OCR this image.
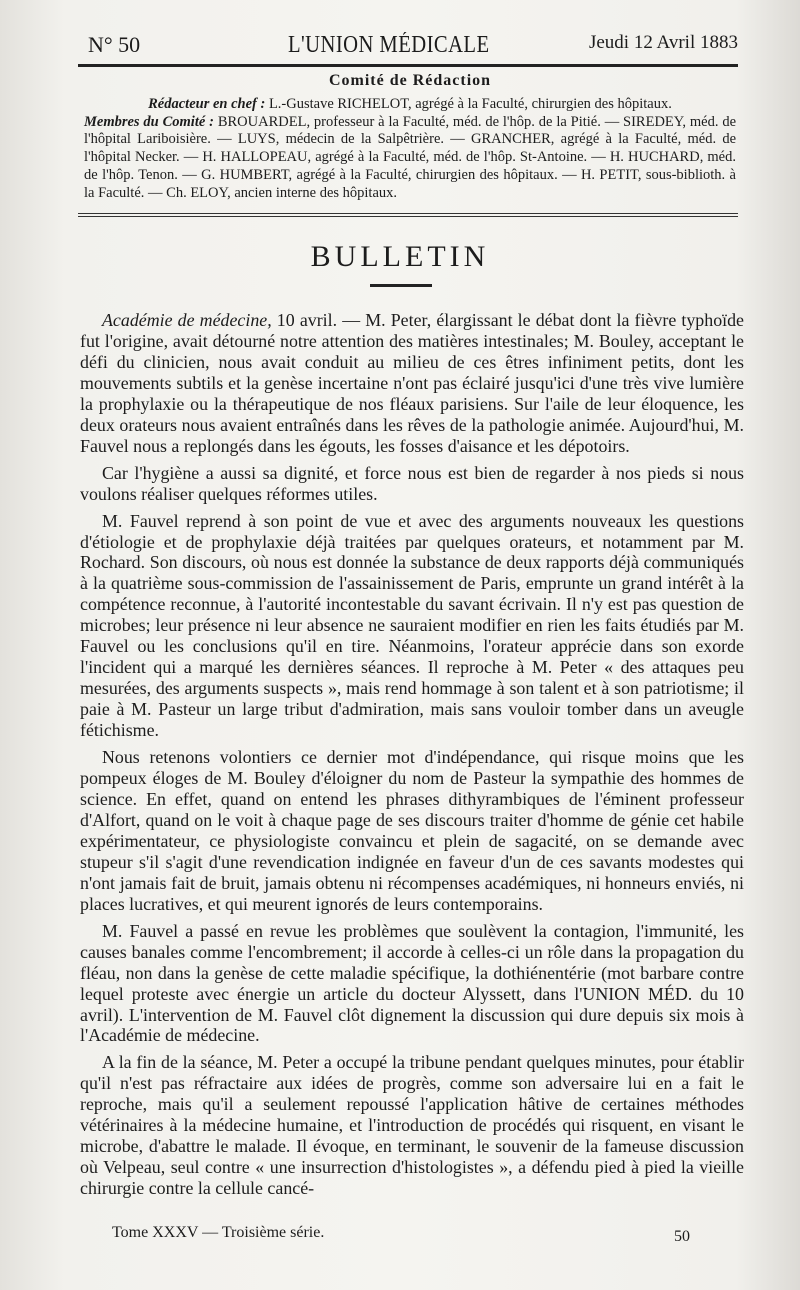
N° 50	L'UNION MÉDICALE	Jeudi 12 Avril 1883
Comité de Rédaction

Rédacteur en chef : L.-Gustave RICHELOT, agrégé à la Faculté, chirurgien des hôpitaux.

Membres du Comité : BROUARDEL, professeur à la Faculté, méd. de l'hôp. de la Pitié. — SIREDEY, méd. de l'hôpital Lariboisière. — LUYS, médecin de la Salpêtrière. — GRANCHER, agrégé à la Faculté, méd. de l'hôpital Necker. — H. HALLOPEAU, agrégé à la Faculté, méd. de l'hôp. St-Antoine. — H. HUCHARD, méd. de l'hôp. Tenon. — G. HUMBERT, agrégé à la Faculté, chirurgien des hôpitaux. — H. PETIT, sous-biblioth. à la Faculté. — Ch. ELOY, ancien interne des hôpitaux.

BULLETIN

Académie de médecine, 10 avril. — M. Peter, élargissant le débat dont la fièvre typhoïde fut l'origine, avait détourné notre attention des matières intestinales; M. Bouley, acceptant le défi du clinicien, nous avait conduit au milieu de ces êtres infiniment petits, dont les mouvements subtils et la genèse incertaine n'ont pas éclairé jusqu'ici d'une très vive lumière la prophylaxie ou la thérapeutique de nos fléaux parisiens. Sur l'aile de leur éloquence, les deux orateurs nous avaient entraînés dans les rêves de la pathologie animée. Aujourd'hui, M. Fauvel nous a replongés dans les égouts, les fosses d'aisance et les dépotoirs.

Car l'hygiène a aussi sa dignité, et force nous est bien de regarder à nos pieds si nous voulons réaliser quelques réformes utiles.

M. Fauvel reprend à son point de vue et avec des arguments nouveaux les questions d'étiologie et de prophylaxie déjà traitées par quelques orateurs, et notamment par M. Rochard. Son discours, où nous est donnée la substance de deux rapports déjà communiqués à la quatrième sous-commission de l'assainissement de Paris, emprunte un grand intérêt à la compétence reconnue, à l'autorité incontestable du savant écrivain. Il n'y est pas question de microbes; leur présence ni leur absence ne sauraient modifier en rien les faits étudiés par M. Fauvel ou les conclusions qu'il en tire. Néanmoins, l'orateur apprécie dans son exorde l'incident qui a marqué les dernières séances. Il reproche à M. Peter « des attaques peu mesurées, des arguments suspects », mais rend hommage à son talent et à son patriotisme; il paie à M. Pasteur un large tribut d'admiration, mais sans vouloir tomber dans un aveugle fétichisme.

Nous retenons volontiers ce dernier mot d'indépendance, qui risque moins que les pompeux éloges de M. Bouley d'éloigner du nom de Pasteur la sympathie des hommes de science. En effet, quand on entend les phrases dithyrambiques de l'éminent professeur d'Alfort, quand on le voit à chaque page de ses discours traiter d'homme de génie cet habile expérimentateur, ce physiologiste convaincu et plein de sagacité, on se demande avec stupeur s'il s'agit d'une revendication indignée en faveur d'un de ces savants modestes qui n'ont jamais fait de bruit, jamais obtenu ni récompenses académiques, ni honneurs enviés, ni places lucratives, et qui meurent ignorés de leurs contemporains.

M. Fauvel a passé en revue les problèmes que soulèvent la contagion, l'immunité, les causes banales comme l'encombrement; il accorde à celles-ci un rôle dans la propagation du fléau, non dans la genèse de cette maladie spécifique, la dothiénentérie (mot barbare contre lequel proteste avec énergie un article du docteur Alyssett, dans l'UNION MÉD. du 10 avril). L'intervention de M. Fauvel clôt dignement la discussion qui dure depuis six mois à l'Académie de médecine.

A la fin de la séance, M. Peter a occupé la tribune pendant quelques minutes, pour établir qu'il n'est pas réfractaire aux idées de progrès, comme son adversaire lui en a fait le reproche, mais qu'il a seulement repoussé l'application hâtive de certaines méthodes vétérinaires à la médecine humaine, et l'introduction de procédés qui risquent, en visant le microbe, d'abattre le malade. Il évoque, en terminant, le souvenir de la fameuse discussion où Velpeau, seul contre « une insurrection d'histologistes », a défendu pied à pied la vieille chirurgie contre la cellule cancé-

Tome XXXV — Troisième série.	50
